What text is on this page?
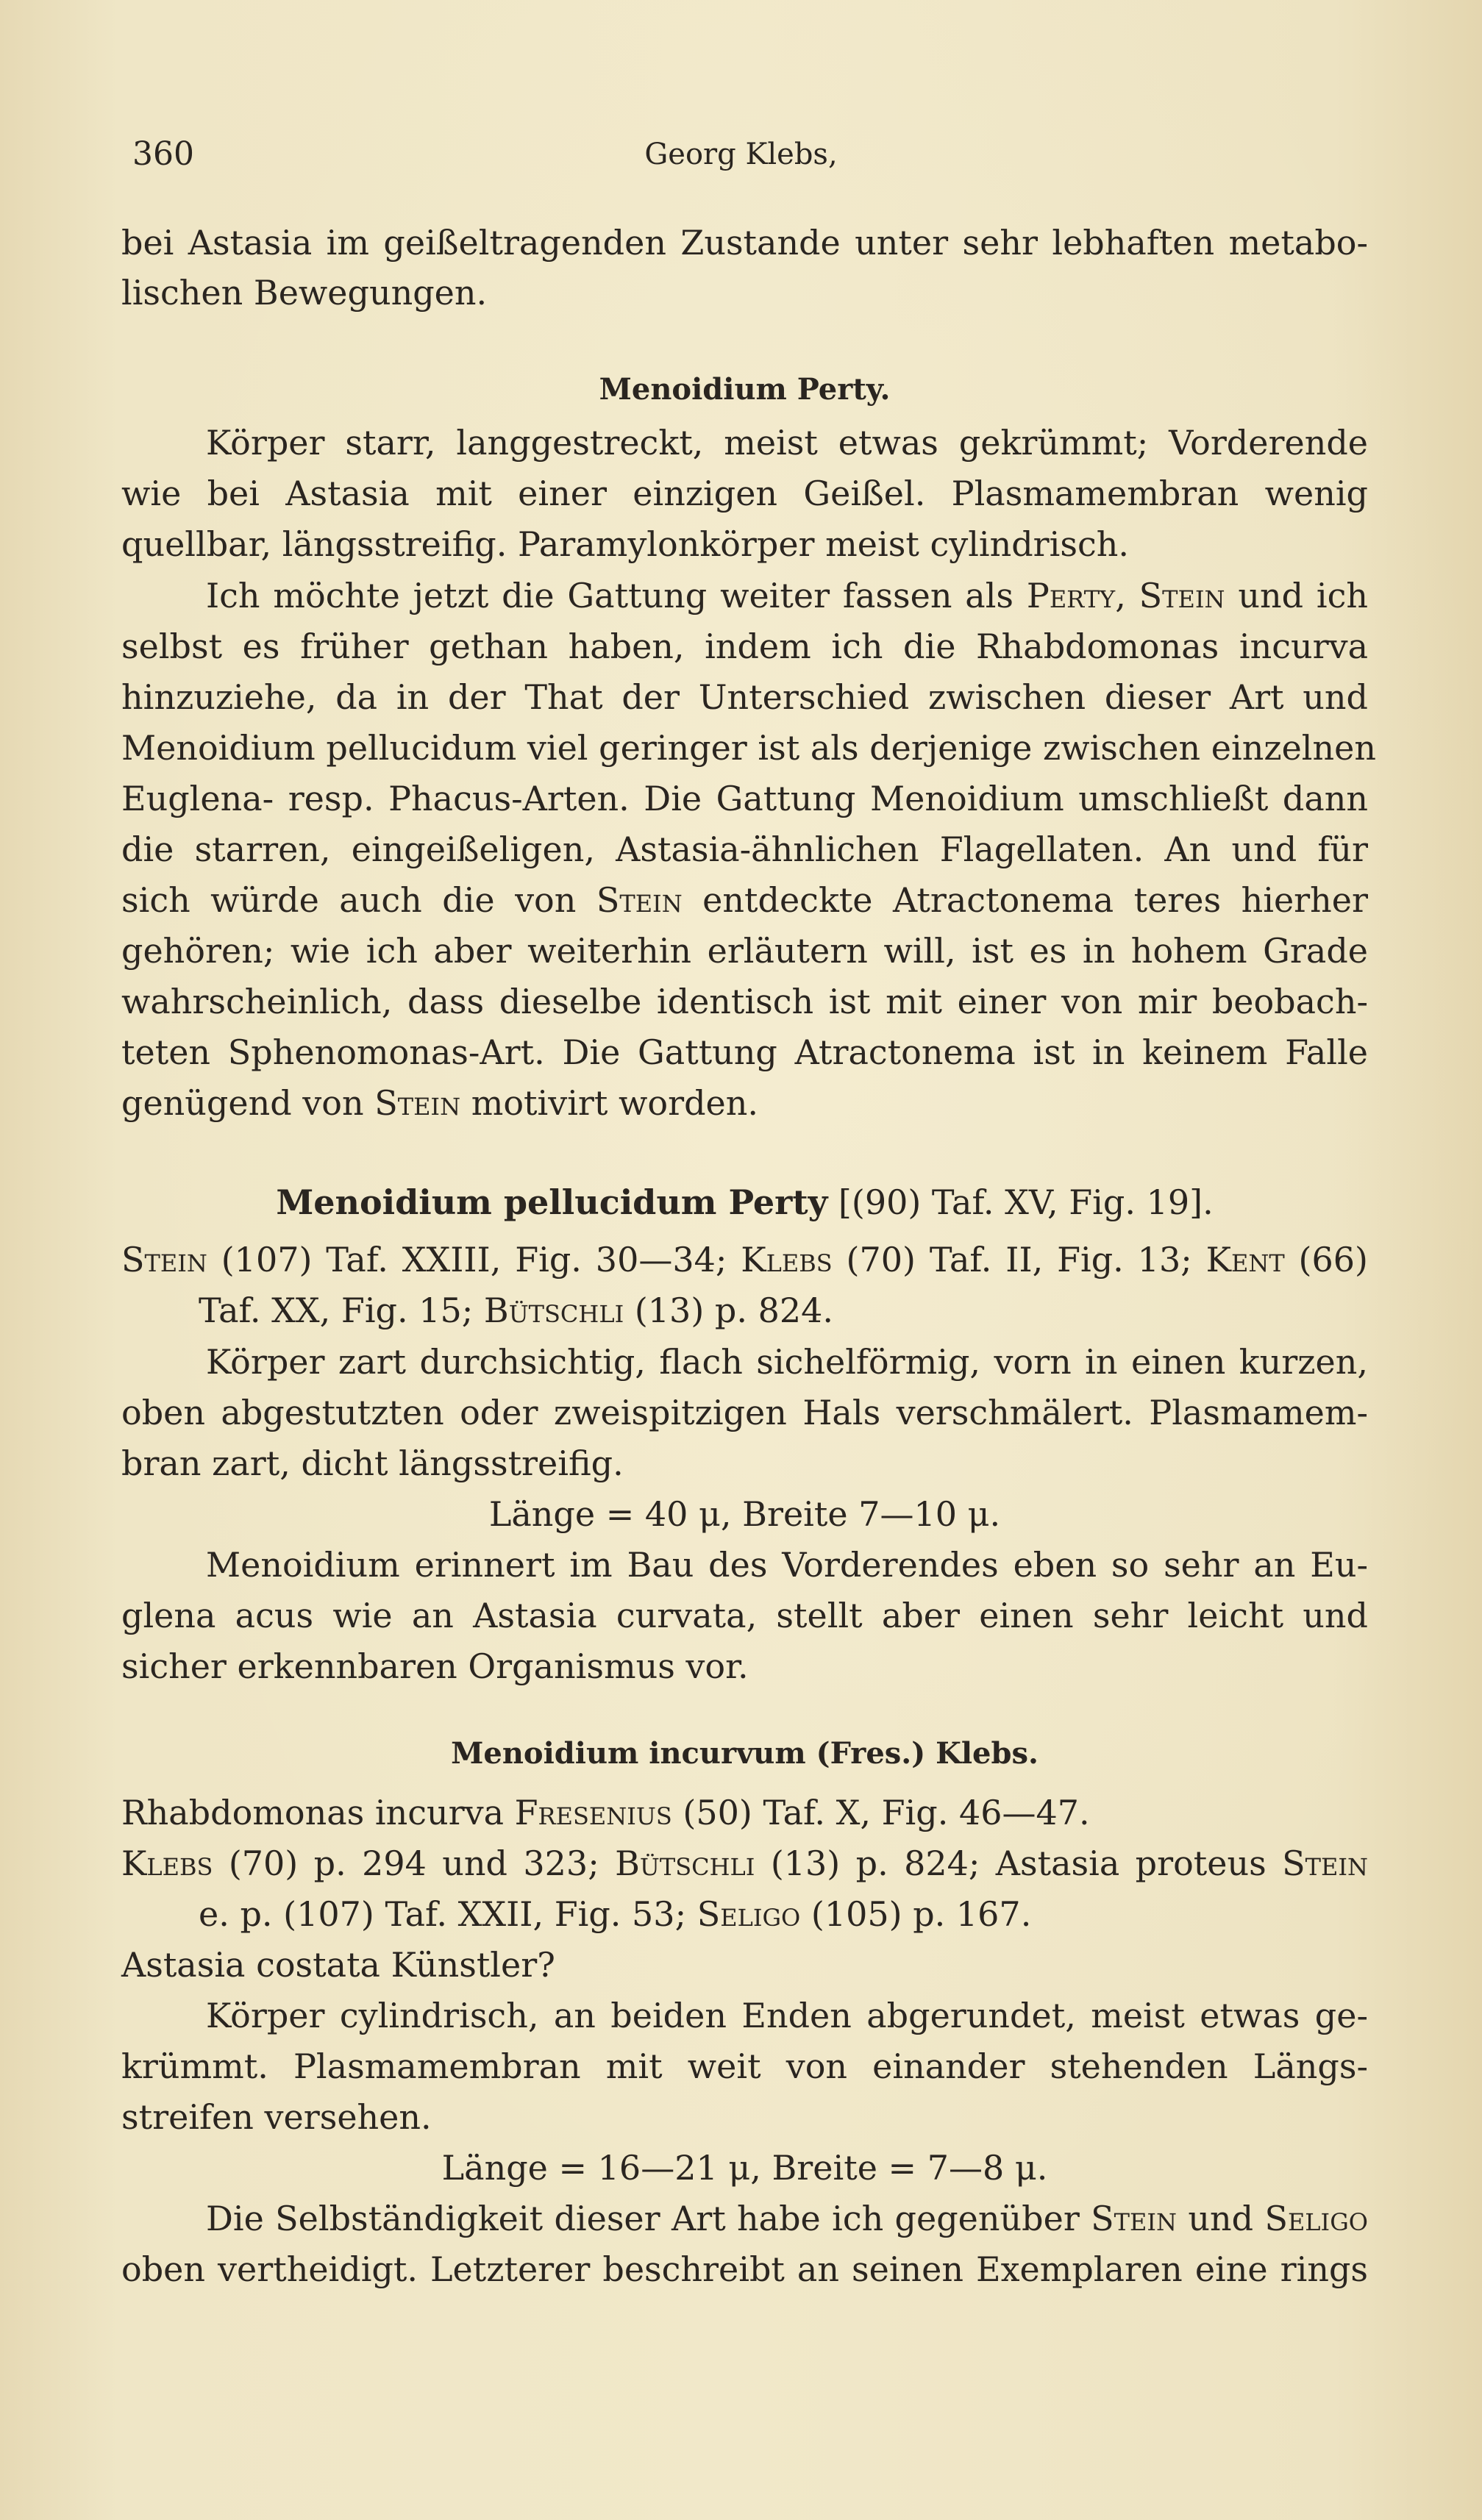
360	Georg Klebs,
bei Astasia im geißeltragenden Zustande unter sehr lebhaften metabo-
lischen Bewegungen.
Menoidium Perty.
Körper starr, langgestreckt, meist etwas gekrümmt; Vorderende
wie bei Astasia mit einer einzigen Geißel. Plasmamembran wenig
quellbar, längsstreifig. Paramylonkörper meist cylindrisch.
Ich möchte jetzt die Gattung weiter fassen als Perty, Stein und ich
selbst es früher gethan haben, indem ich die Rhabdomonas incurva
hinzuziehe, da in der That der Unterschied zwischen dieser Art und
Menoidium pellucidum viel geringer ist als derjenige zwischen einzelnen
Euglena- resp. Phacus-Arten. Die Gattung Menoidium umschließt dann
die starren, eingeißeligen, Astasia-ähnlichen Flagellaten. An und für
sich würde auch die von Stein entdeckte Atractonema teres hierher
gehören; wie ich aber weiterhin erläutern will, ist es in hohem Grade
wahrscheinlich, dass dieselbe identisch ist mit einer von mir beobach-
teten Sphenomonas-Art. Die Gattung Atractonema ist in keinem Falle
genügend von Stein motivirt worden.
Menoidium pellucidum Perty [(90) Taf. XV, Fig. 19].
Stein (107) Taf. XXIII, Fig. 30—34; Klebs (70) Taf. II, Fig. 13; Kent (66)
Taf. XX, Fig. 15; Bütschli (13) p. 824.
Körper zart durchsichtig, flach sichelförmig, vorn in einen kurzen,
oben abgestutzten oder zweispitzigen Hals verschmälert. Plasmamem-
bran zart, dicht längsstreifig.
Länge = 40 μ, Breite 7—10 μ.
Menoidium erinnert im Bau des Vorderendes eben so sehr an Eu-
glena acus wie an Astasia curvata, stellt aber einen sehr leicht und
sicher erkennbaren Organismus vor.
Menoidium incurvum (Fres.) Klebs.
Rhabdomonas incurva Fresenius (50) Taf. X, Fig. 46—47.
Klebs (70) p. 294 und 323; Bütschli (13) p. 824; Astasia proteus Stein
e. p. (107) Taf. XXII, Fig. 53; Seligo (105) p. 167.
Astasia costata Künstler?
Körper cylindrisch, an beiden Enden abgerundet, meist etwas ge-
krümmt. Plasmamembran mit weit von einander stehenden Längs-
streifen versehen.
Länge = 16—21 μ, Breite = 7—8 μ.
Die Selbständigkeit dieser Art habe ich gegenüber Stein und Seligo
oben vertheidigt. Letzterer beschreibt an seinen Exemplaren eine rings
